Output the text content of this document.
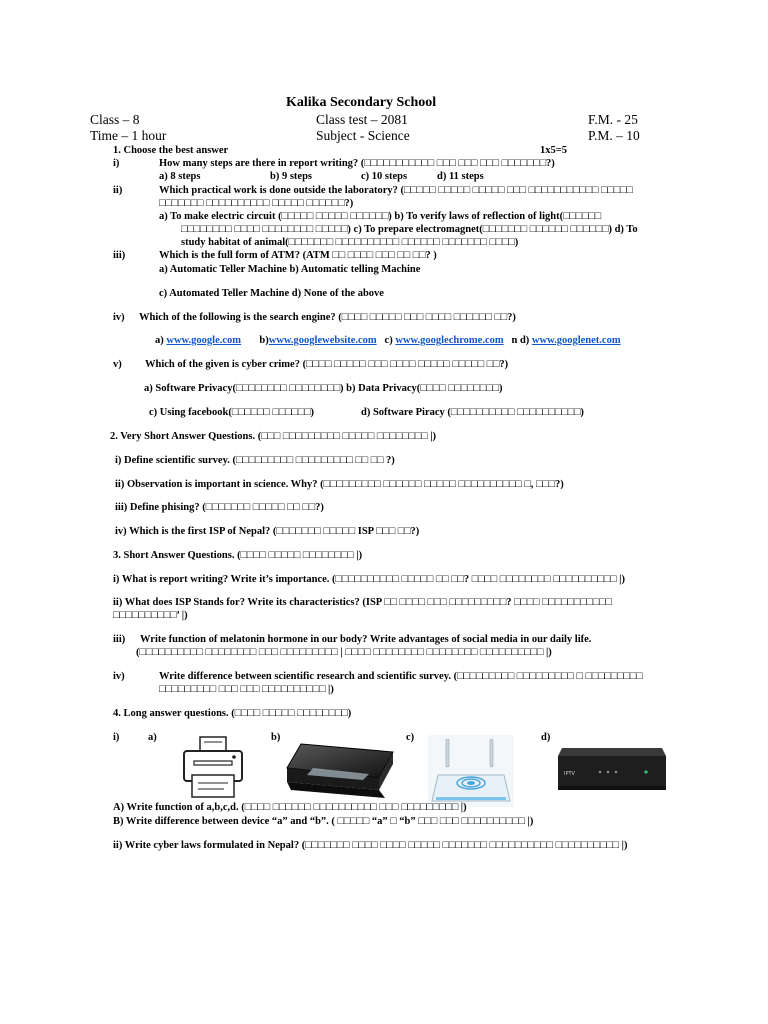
Kalika Secondary School
Class – 8	Class test – 2081	F.M. - 25
Time – 1 hour	Subject - Science	P.M. – 10
1. Choose the best answer	1x5=5
i)	How many steps are there in report writing? (□□□□□□□□□□□ □□□ □□□ □□□ □□□□□□□?)
a) 8 steps	b) 9 steps	c) 10 steps	d) 11 steps
ii)	Which practical work is done outside the laboratory? (□□□□□ □□□□□ □□□□□ □□□ □□□□□□□□□□□ □□□□□
□□□□□□□ □□□□□□□□□□ □□□□□ □□□□□□?)
a) To make electric circuit (□□□□□ □□□□□ □□□□□□) b) To verify laws of reflection of light(□□□□□□
□□□□□□□□ □□□□ □□□□□□□□ □□□□□) c) To prepare electromagnet(□□□□□□□ □□□□□□ □□□□□□) d) To
study habitat of animal(□□□□□□□ □□□□□□□□□□ □□□□□□ □□□□□□□ □□□□)
iii)	Which is the full form of ATM? (ATM □□ □□□□ □□□ □□ □□? )
a) Automatic Teller Machine b) Automatic telling Machine
c) Automated Teller Machine d) None of the above
iv) Which of the following is the search engine? (□□□□ □□□□□ □□□ □□□□ □□□□□□ □□?)
a) www.google.com b)www.googlewebsite.com c) www.googlechrome.com n d) www.googlenet.com
v) Which of the given is cyber crime? (□□□□ □□□□□ □□□ □□□□ □□□□□ □□□□□ □□?)
a) Software Privacy(□□□□□□□□ □□□□□□□□) b) Data Privacy(□□□□ □□□□□□□□)
c) Using facebook(□□□□□□ □□□□□□)	d) Software Piracy (□□□□□□□□□□ □□□□□□□□□□)
2. Very Short Answer Questions. (□□□ □□□□□□□□□ □□□□□ □□□□□□□□ |)
i) Define scientific survey. (□□□□□□□□□ □□□□□□□□□ □□ □□ ?)
ii) Observation is important in science. Why? (□□□□□□□□□ □□□□□□ □□□□□ □□□□□□□□□□ □, □□□?)
iii) Define phising? (□□□□□□□ □□□□□ □□ □□?)
iv) Which is the first ISP of Nepal? (□□□□□□□ □□□□□ ISP □□□ □□?)
3. Short Answer Questions. (□□□□ □□□□□ □□□□□□□□ |)
i) What is report writing? Write it’s importance. (□□□□□□□□□□ □□□□□ □□ □□? □□□□ □□□□□□□□ □□□□□□□□□□ |)
ii) What does ISP Stands for? Write its characteristics? (ISP □□ □□□□ □□□ □□□□□□□□□? □□□□ □□□□□□□□□□□
□□□□□□□□□□’ |)
iii) Write function of melatonin hormone in our body? Write advantages of social media in our daily life.
(□□□□□□□□□□ □□□□□□□□ □□□ □□□□□□□□□ | □□□□ □□□□□□□□ □□□□□□□□ □□□□□□□□□□ |)
iv)	Write difference between scientific research and scientific survey. (□□□□□□□□□ □□□□□□□□□ □ □□□□□□□□□
□□□□□□□□□ □□□ □□□ □□□□□□□□□□ |)
4. Long answer questions. (□□□□ □□□□□ □□□□□□□□)
i)	a)	b)	c)	d)
IPTV
A) Write function of a,b,c,d. (□□□□ □□□□□□ □□□□□□□□□□ □□□ □□□□□□□□□ |)
B) Write difference between device “a” and “b”. ( □□□□□ “a” □ “b” □□□ □□□ □□□□□□□□□□ |)
ii) Write cyber laws formulated in Nepal? (□□□□□□□ □□□□ □□□□ □□□□□ □□□□□□□ □□□□□□□□□□ □□□□□□□□□□ |)
